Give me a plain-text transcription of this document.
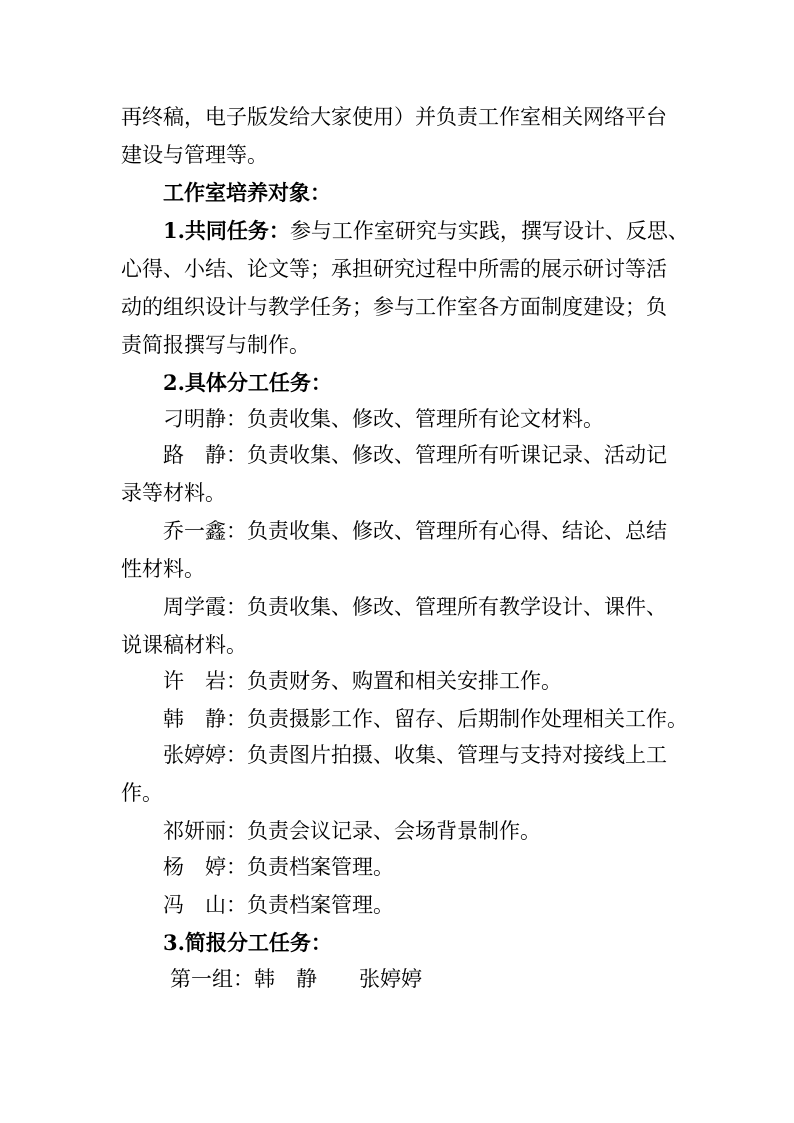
再终稿，电子版发给大家使用）并负责工作室相关网络平台
建设与管理等。
工作室培养对象：
1.共同任务：参与工作室研究与实践，撰写设计、反思、
心得、小结、论文等；承担研究过程中所需的展示研讨等活
动的组织设计与教学任务；参与工作室各方面制度建设；负
责简报撰写与制作。
2.具体分工任务：
刁明静：负责收集、修改、管理所有论文材料。
路 静：负责收集、修改、管理所有听课记录、活动记
录等材料。
乔一鑫：负责收集、修改、管理所有心得、结论、总结
性材料。
周学霞：负责收集、修改、管理所有教学设计、课件、
说课稿材料。
许 岩：负责财务、购置和相关安排工作。
韩 静：负责摄影工作、留存、后期制作处理相关工作。
张婷婷：负责图片拍摄、收集、管理与支持对接线上工
作。
祁妍丽：负责会议记录、会场背景制作。
杨 婷：负责档案管理。
冯 山：负责档案管理。
3.简报分工任务：
第一组：韩 静 张婷婷
